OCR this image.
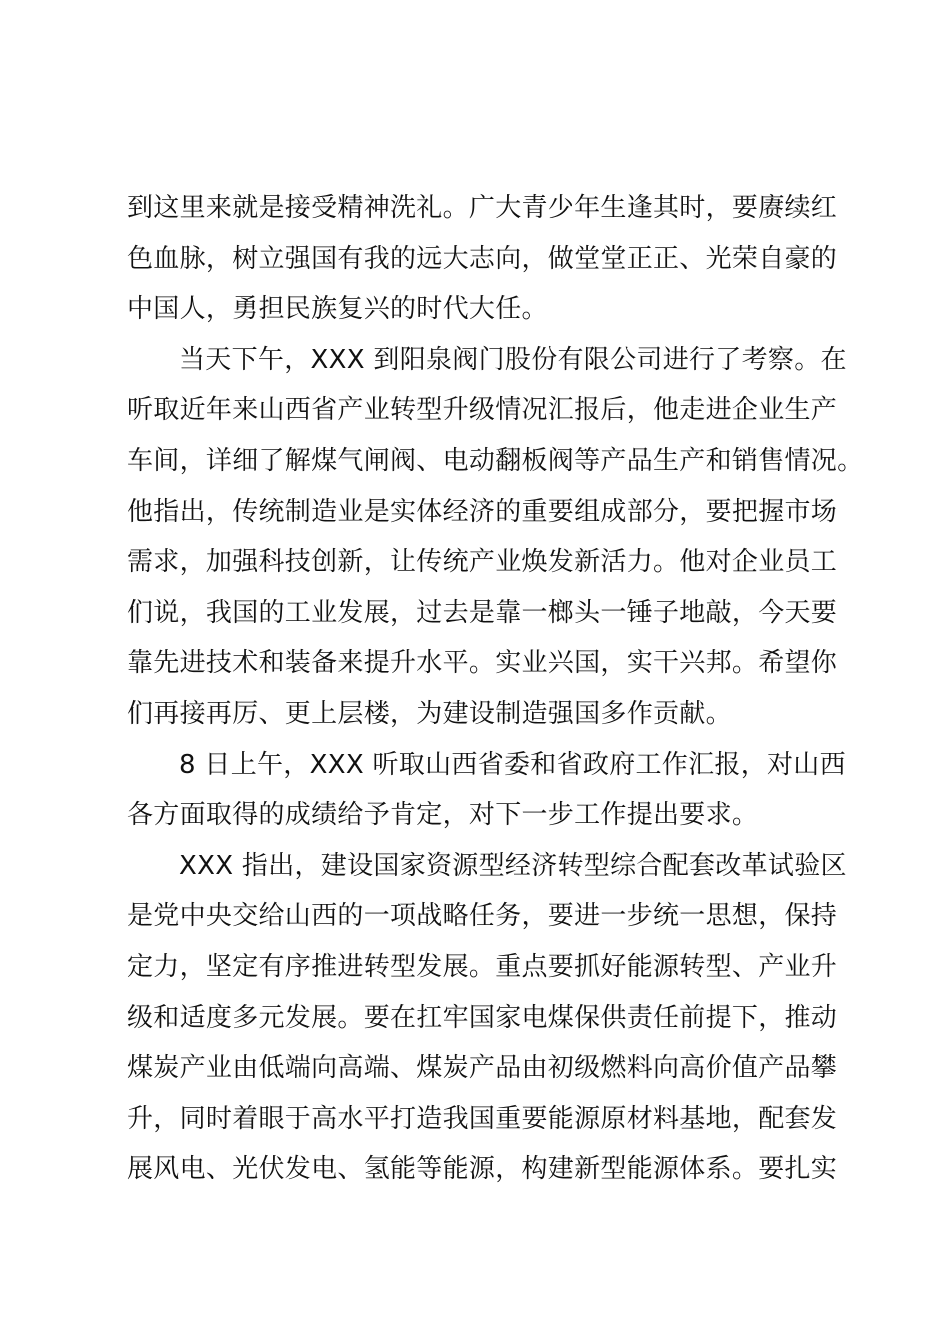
到这里来就是接受精神洗礼。广大青少年生逢其时，要赓续红
色血脉，树立强国有我的远大志向，做堂堂正正、光荣自豪的
中国人，勇担民族复兴的时代大任。
当天下午，XXX 到阳泉阀门股份有限公司进行了考察。在
听取近年来山西省产业转型升级情况汇报后，他走进企业生产
车间，详细了解煤气闸阀、电动翻板阀等产品生产和销售情况。
他指出，传统制造业是实体经济的重要组成部分，要把握市场
需求，加强科技创新，让传统产业焕发新活力。他对企业员工
们说，我国的工业发展，过去是靠一榔头一锤子地敲，今天要
靠先进技术和装备来提升水平。实业兴国，实干兴邦。希望你
们再接再厉、更上层楼，为建设制造强国多作贡献。
8 日上午，XXX 听取山西省委和省政府工作汇报，对山西
各方面取得的成绩给予肯定，对下一步工作提出要求。
XXX 指出，建设国家资源型经济转型综合配套改革试验区
是党中央交给山西的一项战略任务，要进一步统一思想，保持
定力，坚定有序推进转型发展。重点要抓好能源转型、产业升
级和适度多元发展。要在扛牢国家电煤保供责任前提下，推动
煤炭产业由低端向高端、煤炭产品由初级燃料向高价值产品攀
升，同时着眼于高水平打造我国重要能源原材料基地，配套发
展风电、光伏发电、氢能等能源，构建新型能源体系。要扎实
